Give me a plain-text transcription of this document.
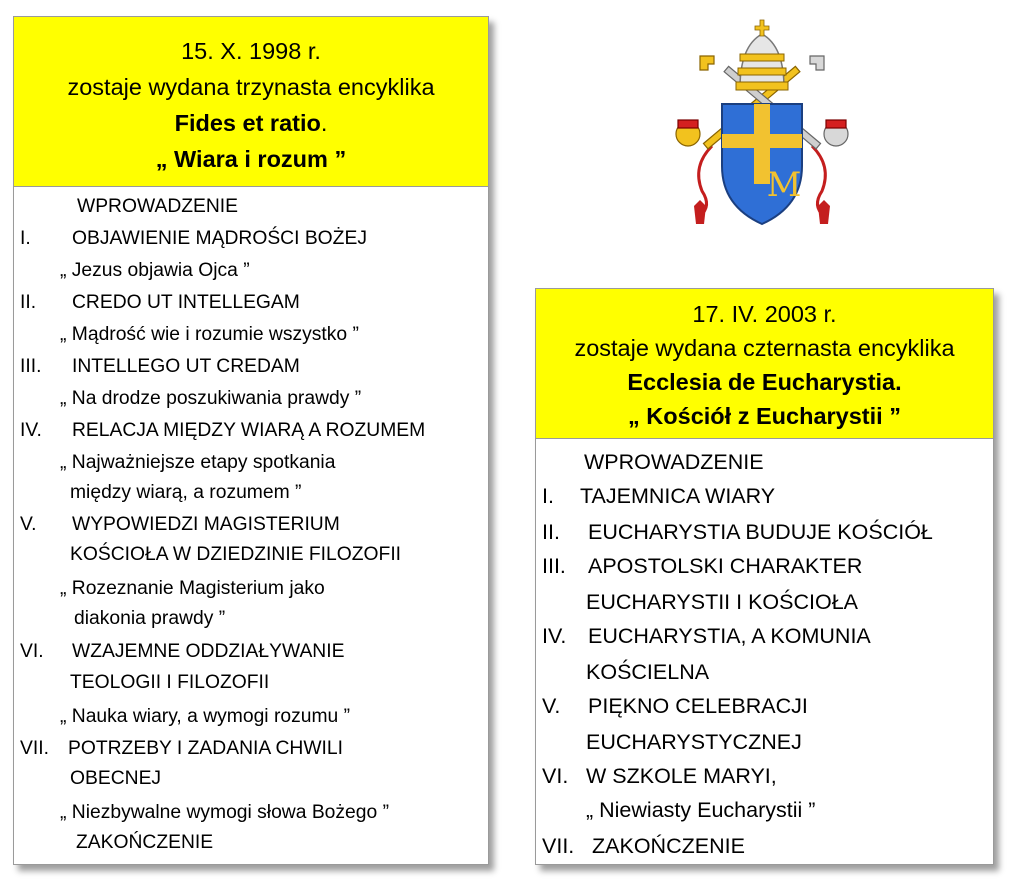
15. X. 1998 r.
zostaje wydana trzynasta encyklika
Fides et ratio.
„ Wiara i rozum ”
WPROWADZENIE
I. OBJAWIENIE MĄDROŚCI BOŻEJ
„ Jezus objawia Ojca ”
II. CREDO UT INTELLEGAM
„ Mądrość wie i rozumie wszystko ”
III. INTELLEGO UT CREDAM
„ Na drodze poszukiwania prawdy ”
IV. RELACJA MIĘDZY WIARĄ A ROZUMEM
„ Najważniejsze etapy spotkania
między wiarą, a rozumem ”
V. WYPOWIEDZI MAGISTERIUM
KOŚCIOŁA W DZIEDZINIE FILOZOFII
„ Rozeznanie Magisterium jako
diakonia prawdy ”
VI. WZAJEMNE ODDZIAŁYWANIE
TEOLOGII I FILOZOFII
„ Nauka wiary, a wymogi rozumu ”
VII. POTRZEBY I ZADANIA CHWILI
OBECNEJ
„ Niezbywalne wymogi słowa Bożego ”
ZAKOŃCZENIE
M
17. IV. 2003 r.
zostaje wydana czternasta encyklika
Ecclesia de Eucharystia.
„ Kościół z Eucharystii ”
WPROWADZENIE
I. TAJEMNICA WIARY
II. EUCHARYSTIA BUDUJE KOŚCIÓŁ
III. APOSTOLSKI CHARAKTER
EUCHARYSTII I KOŚCIOŁA
IV. EUCHARYSTIA, A KOMUNIA
KOŚCIELNA
V. PIĘKNO CELEBRACJI
EUCHARYSTYCZNEJ
VI. W SZKOLE MARYI,
„ Niewiasty Eucharystii ”
VII. ZAKOŃCZENIE
